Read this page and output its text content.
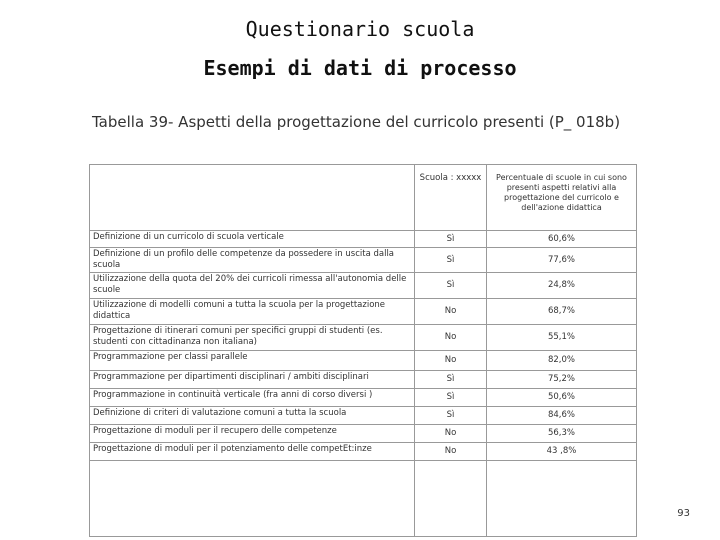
Questionario scuola
Esempi di dati di processo
Tabella 39- Aspetti della progettazione del curricolo presenti (P_ 018b)
	Scuola : xxxxx	Percentuale di scuole in cui sono presenti aspetti relativi alla progettazione del curricolo e dell'azione didattica
Definizione di un curricolo di scuola verticale	Sì	60,6%
Definizione di un profilo delle competenze da possedere in uscita dalla scuola	Sì	77,6%
Utilizzazione della quota del 20% dei curricoli rimessa all'autonomia delle scuole	Sì	24,8%
Utilizzazione di modelli comuni a tutta la scuola per la progettazione didattica	No	68,7%
Progettazione di itinerari comuni per specifici gruppi di studenti (es. studenti con cittadinanza non italiana)	No	55,1%
Programmazione per classi parallele	No	82,0%
Programmazione per dipartimenti disciplinari / ambiti disciplinari	Sì	75,2%
Programmazione in continuità verticale (fra anni di corso diversi )	Sì	50,6%
Definizione di criteri di valutazione comuni a tutta la scuola	Sì	84,6%
Progettazione di moduli per il recupero delle competenze	No	56,3%
Progettazione di moduli per il potenziamento delle competEt:inze	No	43 ,8%

93
